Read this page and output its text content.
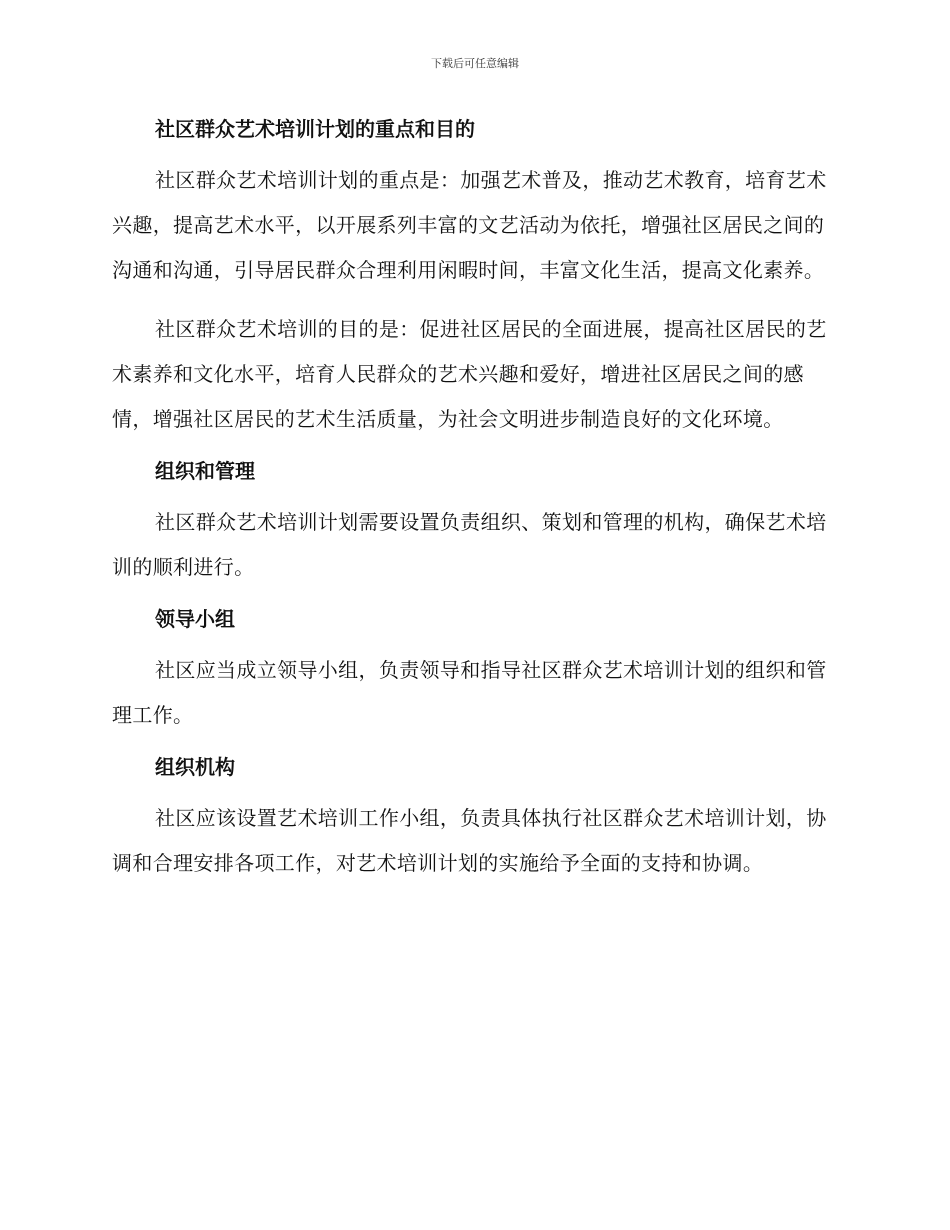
下载后可任意编辑
社区群众艺术培训计划的重点和目的
社区群众艺术培训计划的重点是：加强艺术普及，推动艺术教育，培育艺术兴趣，提高艺术水平，以开展系列丰富的文艺活动为依托，增强社区居民之间的沟通和沟通，引导居民群众合理利用闲暇时间，丰富文化生活，提高文化素养。
社区群众艺术培训的目的是：促进社区居民的全面进展，提高社区居民的艺术素养和文化水平，培育人民群众的艺术兴趣和爱好，增进社区居民之间的感情，增强社区居民的艺术生活质量，为社会文明进步制造良好的文化环境。
组织和管理
社区群众艺术培训计划需要设置负责组织、策划和管理的机构，确保艺术培训的顺利进行。
领导小组
社区应当成立领导小组，负责领导和指导社区群众艺术培训计划的组织和管理工作。
组织机构
社区应该设置艺术培训工作小组，负责具体执行社区群众艺术培训计划，协调和合理安排各项工作，对艺术培训计划的实施给予全面的支持和协调。
